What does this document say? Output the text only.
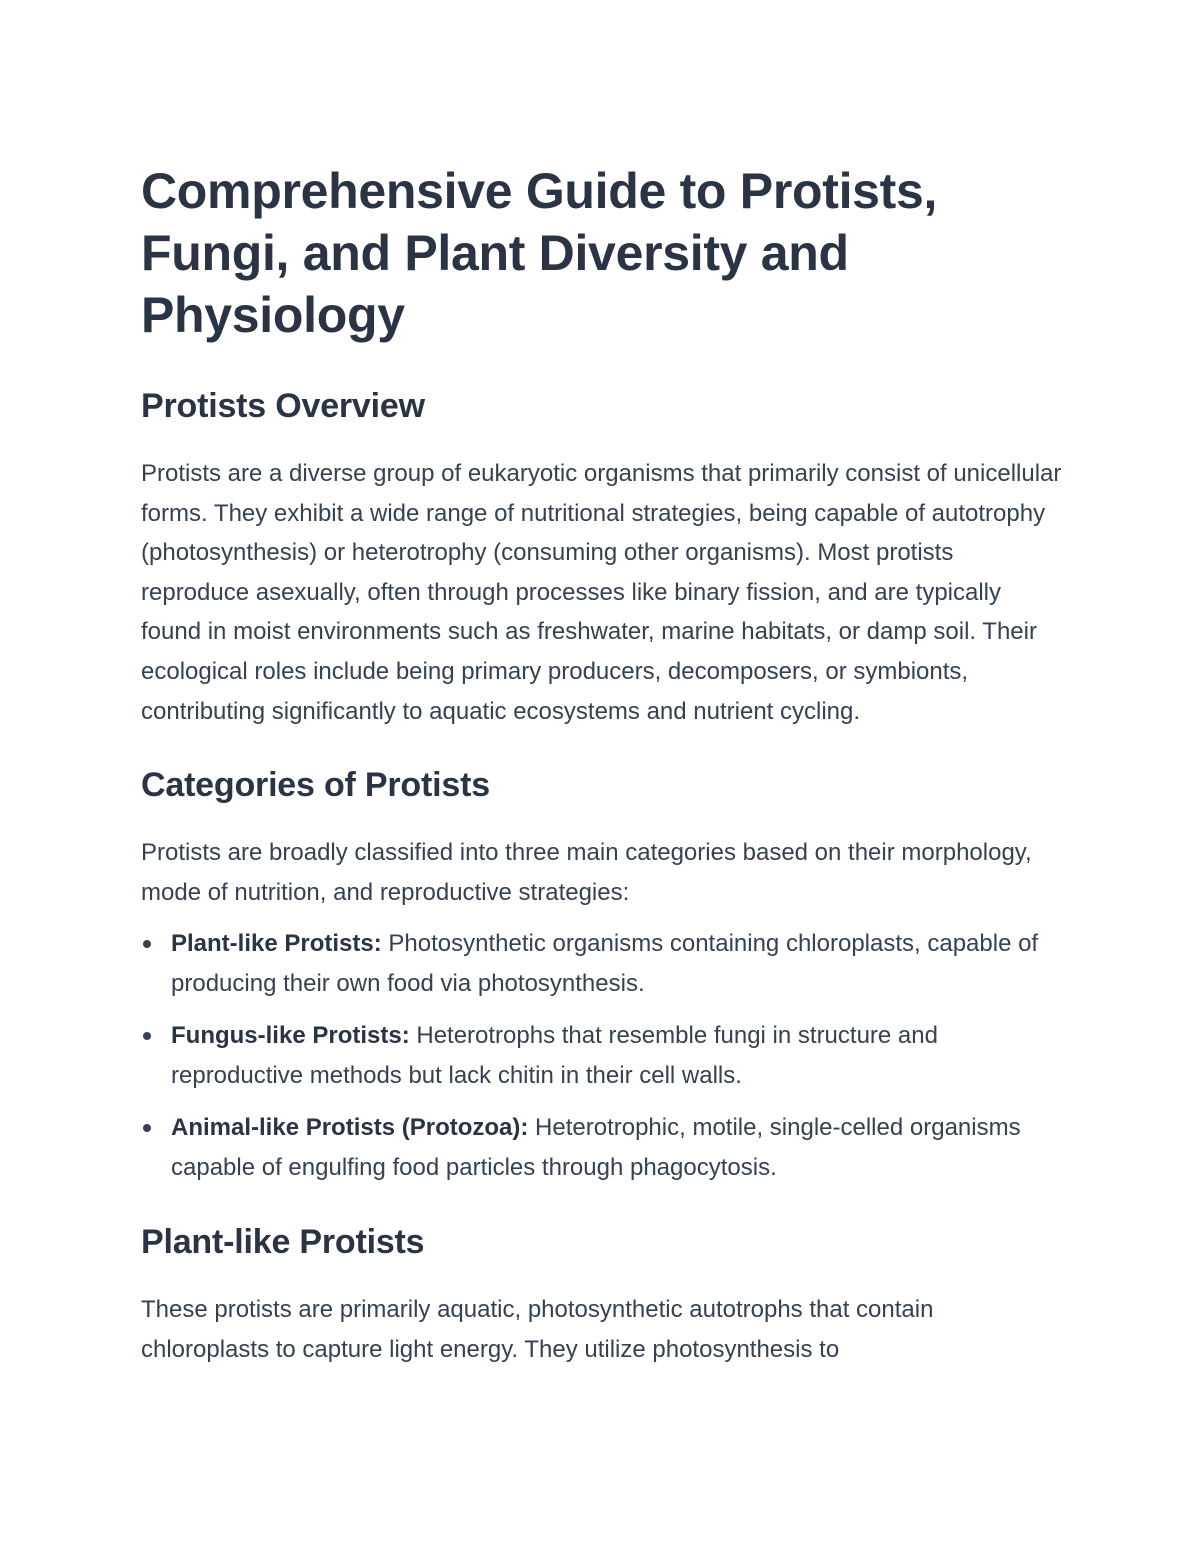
Comprehensive Guide to Protists, Fungi, and Plant Diversity and Physiology
Protists Overview

Protists are a diverse group of eukaryotic organisms that primarily consist of unicellular forms. They exhibit a wide range of nutritional strategies, being capable of autotrophy (photosynthesis) or heterotrophy (consuming other organisms). Most protists reproduce asexually, often through processes like binary fission, and are typically found in moist environments such as freshwater, marine habitats, or damp soil. Their ecological roles include being primary producers, decomposers, or symbionts, contributing significantly to aquatic ecosystems and nutrient cycling.

Categories of Protists

Protists are broadly classified into three main categories based on their morphology, mode of nutrition, and reproductive strategies:

Plant-like Protists: Photosynthetic organisms containing chloroplasts, capable of producing their own food via photosynthesis.
Fungus-like Protists: Heterotrophs that resemble fungi in structure and reproductive methods but lack chitin in their cell walls.
Animal-like Protists (Protozoa): Heterotrophic, motile, single-celled organisms capable of engulfing food particles through phagocytosis.
Plant-like Protists

These protists are primarily aquatic, photosynthetic autotrophs that contain chloroplasts to capture light energy. They utilize photosynthesis to
